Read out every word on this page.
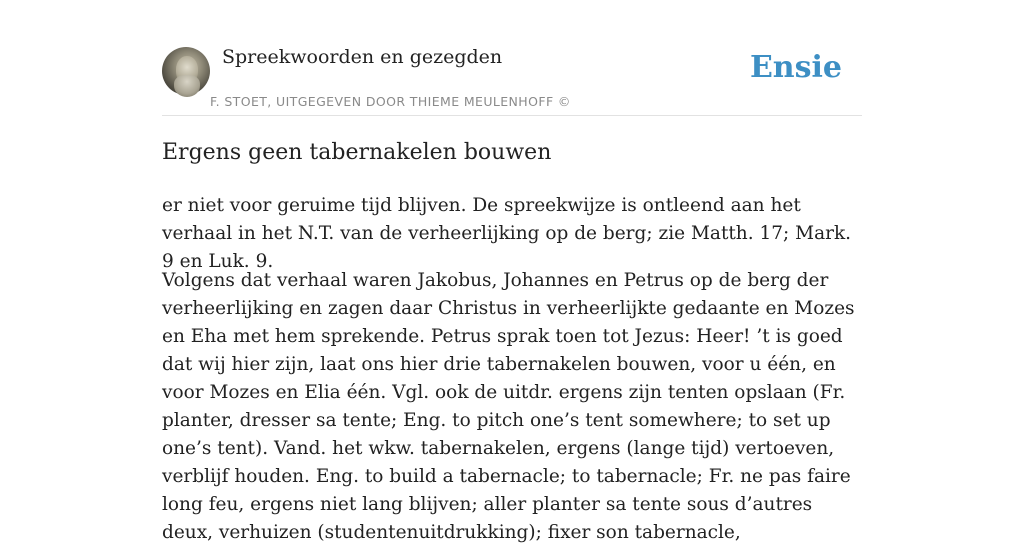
Spreekwoorden en gezegden
F. STOET, UITGEGEVEN DOOR THIEME MEULENHOFF ©
Ensie
Ergens geen tabernakelen bouwen

er niet voor geruime tijd blijven. De spreekwijze is ontleend aan het verhaal in het N.T. van de verheerlijking op de berg; zie Matth. 17; Mark. 9 en Luk. 9.

Volgens dat verhaal waren Jakobus, Johannes en Petrus op de berg der verheerlijking en zagen daar Christus in verheerlijkte gedaante en Mozes en Eha met hem sprekende. Petrus sprak toen tot Jezus: Heer! ’t is goed dat wij hier zijn, laat ons hier drie tabernakelen bouwen, voor u één, en voor Mozes en Elia één. Vgl. ook de uitdr. ergens zijn tenten opslaan (Fr. planter, dresser sa tente; Eng. to pitch one’s tent somewhere; to set up one’s tent). Vand. het wkw. tabernakelen, ergens (lange tijd) vertoeven, verblijf houden. Eng. to build a tabernacle; to tabernacle; Fr. ne pas faire long feu, ergens niet lang blijven; aller planter sa tente sous d’autres deux, verhuizen (studentenuitdrukking); fixer son tabernacle,
